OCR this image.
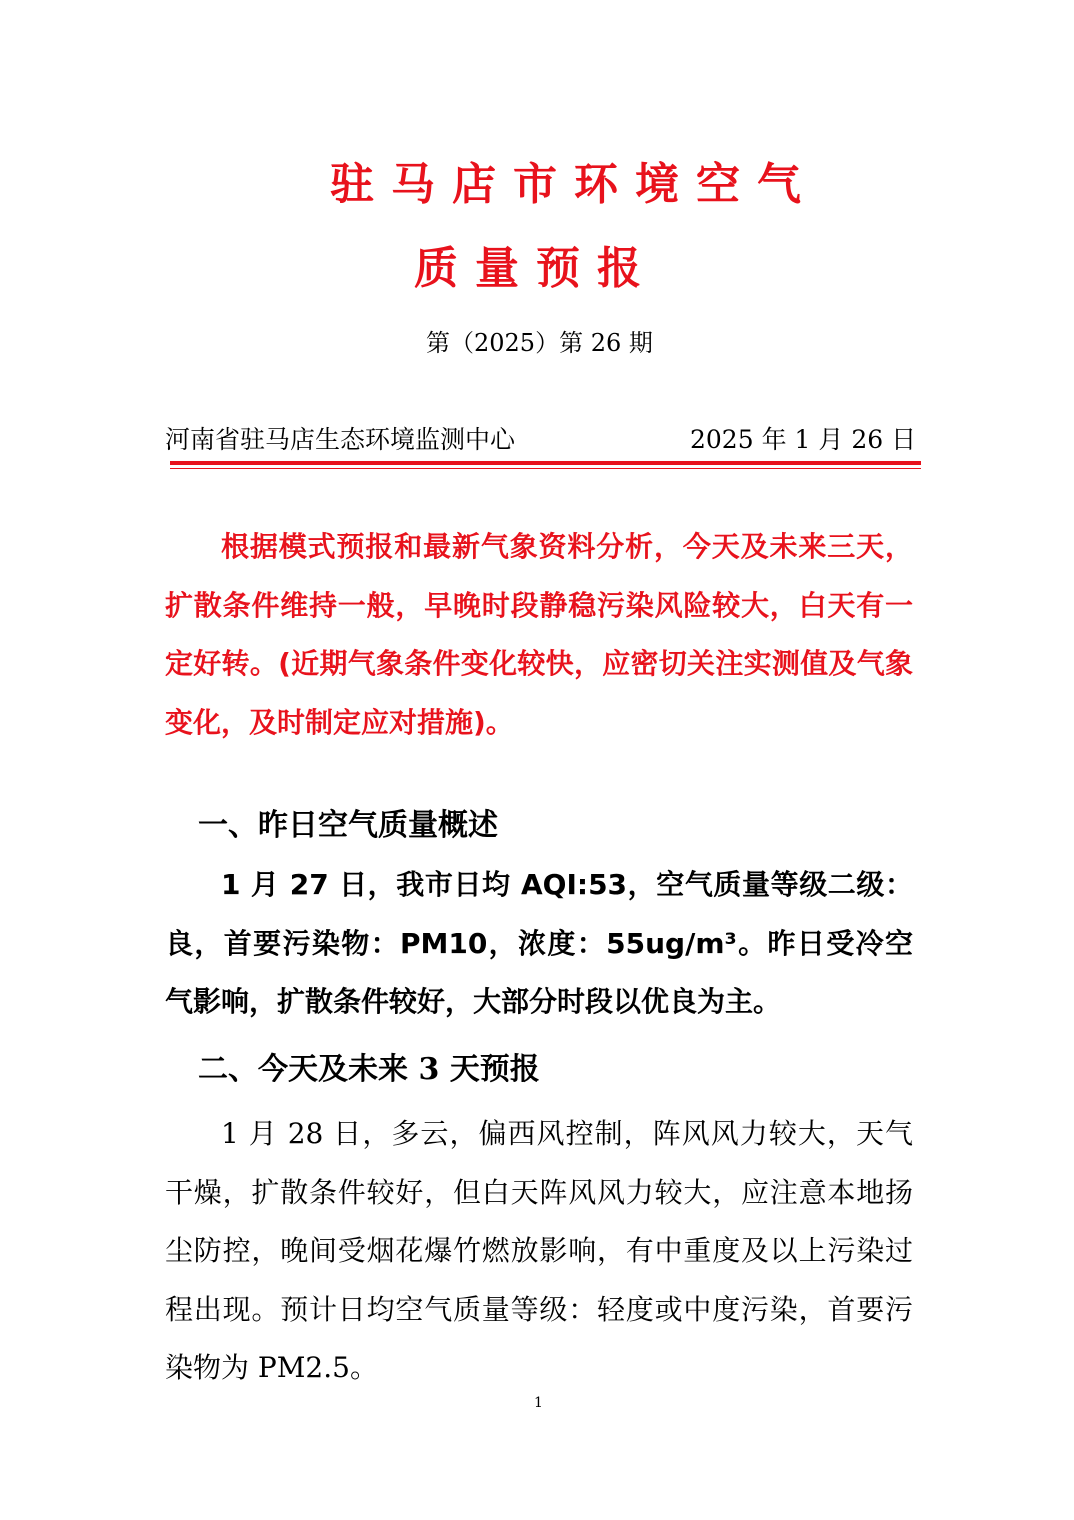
驻马店市环境空气
质量预报
第（2025）第 26 期
河南省驻马店生态环境监测中心	2025 年 1 月 26 日

根据模式预报和最新气象资料分析，今天及未来三天，扩散条件维持一般，早晚时段静稳污染风险较大，白天有一定好转。(近期气象条件变化较快，应密切关注实测值及气象变化，及时制定应对措施)。

一、昨日空气质量概述

1 月 27 日，我市日均 AQI:53，空气质量等级二级：良，首要污染物：PM10，浓度：55ug/m³。昨日受冷空气影响，扩散条件较好，大部分时段以优良为主。

二、今天及未来 3 天预报

1 月 28 日，多云，偏西风控制，阵风风力较大，天气干燥，扩散条件较好，但白天阵风风力较大，应注意本地扬尘防控，晚间受烟花爆竹燃放影响，有中重度及以上污染过程出现。预计日均空气质量等级：轻度或中度污染，首要污染物为 PM2.5。

1
